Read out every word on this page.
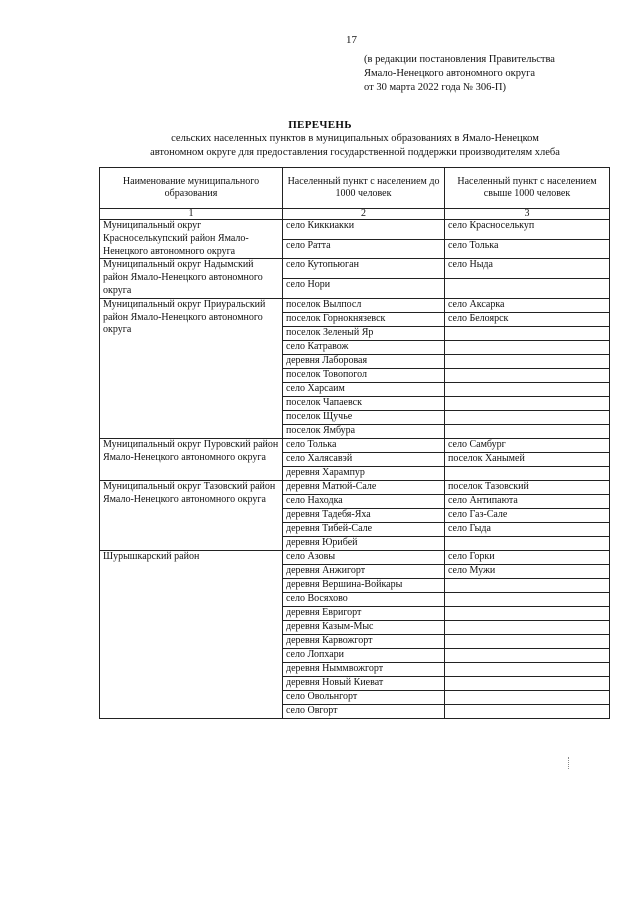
17
(в редакции постановления Правительства
Ямало-Ненецкого автономного округа
от 30 марта 2022 года № 306-П)
ПЕРЕЧЕНЬ
сельских населенных пунктов в муниципальных образованиях в Ямало-Ненецком
автономном округе для предоставления государственной поддержки производителям хлеба
Наименование муниципального образования	Населенный пункт с населением до 1000 человек	Населенный пункт с населением свыше 1000 человек
1	2	3
Муниципальный округ Красноселькупский район Ямало-Ненецкого автономного округа	село Киккиакки	село Красноселькуп
	село Ратта	село Толька
Муниципальный округ Надымский район Ямало-Ненецкого автономного округа	село Кутопьюган	село Ныда
	село Нори	
Муниципальный округ Приуральский район Ямало-Ненецкого автономного округа	поселок Вылпосл	село Аксарка
	поселок Горнокнязевск	село Белоярск
	поселок Зеленый Яр	
	село Катравож	
	деревня Лаборовая	
	поселок Товопогол	
	село Харсаим	
	поселок Чапаевск	
	поселок Щучье	
	поселок Ямбура	
Муниципальный округ Пуровский район Ямало-Ненецкого автономного округа	село Толька	село Самбург
	село Халясавэй	поселок Ханымей
	деревня Харампур	
Муниципальный округ Тазовский район Ямало-Ненецкого автономного округа	деревня Матюй-Сале	поселок Тазовский
	село Находка	село Антипаюта
	деревня Тадебя-Яха	село Газ-Сале
	деревня Тибей-Сале	село Гыда
	деревня Юрибей	
Шурышкарский район	село Азовы	село Горки
	деревня Анжигорт	село Мужи
	деревня Вершина-Войкары	
	село Восяхово	
	деревня Евригорт	
	деревня Казым-Мыс	
	деревня Карвожгорт	
	село Лопхари	
	деревня Ныммвожгорт	
	деревня Новый Киеват	
	село Овольнгорт	
	село Овгорт	
